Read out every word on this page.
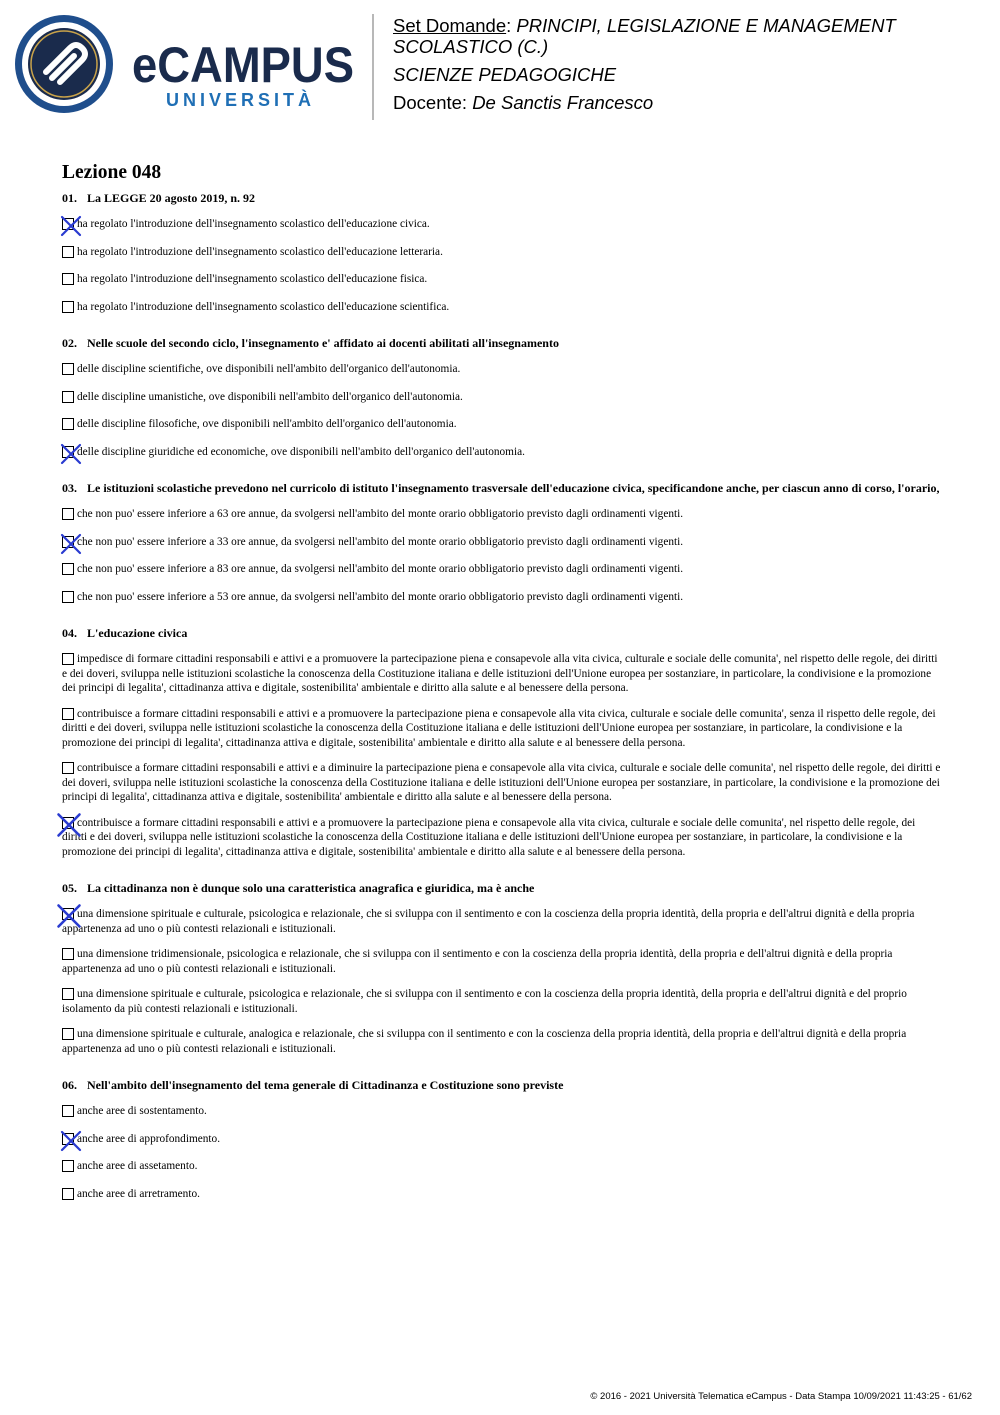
eCAMPUS
UNIVERSITÀ
Set Domande: PRINCIPI, LEGISLAZIONE E MANAGEMENT
SCOLASTICO (C.)
SCIENZE PEDAGOGICHE
Docente: De Sanctis Francesco
Lezione 048
01. La LEGGE 20 agosto 2019, n. 92
ha regolato l'introduzione dell'insegnamento scolastico dell'educazione civica.
ha regolato l'introduzione dell'insegnamento scolastico dell'educazione letteraria.
ha regolato l'introduzione dell'insegnamento scolastico dell'educazione fisica.
ha regolato l'introduzione dell'insegnamento scolastico dell'educazione scientifica.
02. Nelle scuole del secondo ciclo, l'insegnamento e' affidato ai docenti abilitati all'insegnamento
delle discipline scientifiche, ove disponibili nell'ambito dell'organico dell'autonomia.
delle discipline umanistiche, ove disponibili nell'ambito dell'organico dell'autonomia.
delle discipline filosofiche, ove disponibili nell'ambito dell'organico dell'autonomia.
delle discipline giuridiche ed economiche, ove disponibili nell'ambito dell'organico dell'autonomia.
03. Le istituzioni scolastiche prevedono nel curricolo di istituto l'insegnamento trasversale dell'educazione civica, specificandone anche, per ciascun anno di corso, l'orario,
che non puo' essere inferiore a 63 ore annue, da svolgersi nell'ambito del monte orario obbligatorio previsto dagli ordinamenti vigenti.
che non puo' essere inferiore a 33 ore annue, da svolgersi nell'ambito del monte orario obbligatorio previsto dagli ordinamenti vigenti.
che non puo' essere inferiore a 83 ore annue, da svolgersi nell'ambito del monte orario obbligatorio previsto dagli ordinamenti vigenti.
che non puo' essere inferiore a 53 ore annue, da svolgersi nell'ambito del monte orario obbligatorio previsto dagli ordinamenti vigenti.
04. L'educazione civica
impedisce di formare cittadini responsabili e attivi e a promuovere la partecipazione piena e consapevole alla vita civica, culturale e sociale delle comunita', nel rispetto delle regole, dei diritti e dei doveri, sviluppa nelle istituzioni scolastiche la conoscenza della Costituzione italiana e delle istituzioni dell'Unione europea per sostanziare, in particolare, la condivisione e la promozione dei principi di legalita', cittadinanza attiva e digitale, sostenibilita' ambientale e diritto alla salute e al benessere della persona.
contribuisce a formare cittadini responsabili e attivi e a promuovere la partecipazione piena e consapevole alla vita civica, culturale e sociale delle comunita', senza il rispetto delle regole, dei diritti e dei doveri, sviluppa nelle istituzioni scolastiche la conoscenza della Costituzione italiana e delle istituzioni dell'Unione europea per sostanziare, in particolare, la condivisione e la promozione dei principi di legalita', cittadinanza attiva e digitale, sostenibilita' ambientale e diritto alla salute e al benessere della persona.
contribuisce a formare cittadini responsabili e attivi e a diminuire la partecipazione piena e consapevole alla vita civica, culturale e sociale delle comunita', nel rispetto delle regole, dei diritti e dei doveri, sviluppa nelle istituzioni scolastiche la conoscenza della Costituzione italiana e delle istituzioni dell'Unione europea per sostanziare, in particolare, la condivisione e la promozione dei principi di legalita', cittadinanza attiva e digitale, sostenibilita' ambientale e diritto alla salute e al benessere della persona.
contribuisce a formare cittadini responsabili e attivi e a promuovere la partecipazione piena e consapevole alla vita civica, culturale e sociale delle comunita', nel rispetto delle regole, dei diritti e dei doveri, sviluppa nelle istituzioni scolastiche la conoscenza della Costituzione italiana e delle istituzioni dell'Unione europea per sostanziare, in particolare, la condivisione e la promozione dei principi di legalita', cittadinanza attiva e digitale, sostenibilita' ambientale e diritto alla salute e al benessere della persona.
05. La cittadinanza non è dunque solo una caratteristica anagrafica e giuridica, ma è anche
una dimensione spirituale e culturale, psicologica e relazionale, che si sviluppa con il sentimento e con la coscienza della propria identità, della propria e dell'altrui dignità e della propria appartenenza ad uno o più contesti relazionali e istituzionali.
una dimensione tridimensionale, psicologica e relazionale, che si sviluppa con il sentimento e con la coscienza della propria identità, della propria e dell'altrui dignità e della propria appartenenza ad uno o più contesti relazionali e istituzionali.
una dimensione spirituale e culturale, psicologica e relazionale, che si sviluppa con il sentimento e con la coscienza della propria identità, della propria e dell'altrui dignità e del proprio isolamento da più contesti relazionali e istituzionali.
una dimensione spirituale e culturale, analogica e relazionale, che si sviluppa con il sentimento e con la coscienza della propria identità, della propria e dell'altrui dignità e della propria appartenenza ad uno o più contesti relazionali e istituzionali.
06. Nell'ambito dell'insegnamento del tema generale di Cittadinanza e Costituzione sono previste
anche aree di sostentamento.
anche aree di approfondimento.
anche aree di assetamento.
anche aree di arretramento.
© 2016 - 2021 Università Telematica eCampus - Data Stampa 10/09/2021 11:43:25 - 61/62
